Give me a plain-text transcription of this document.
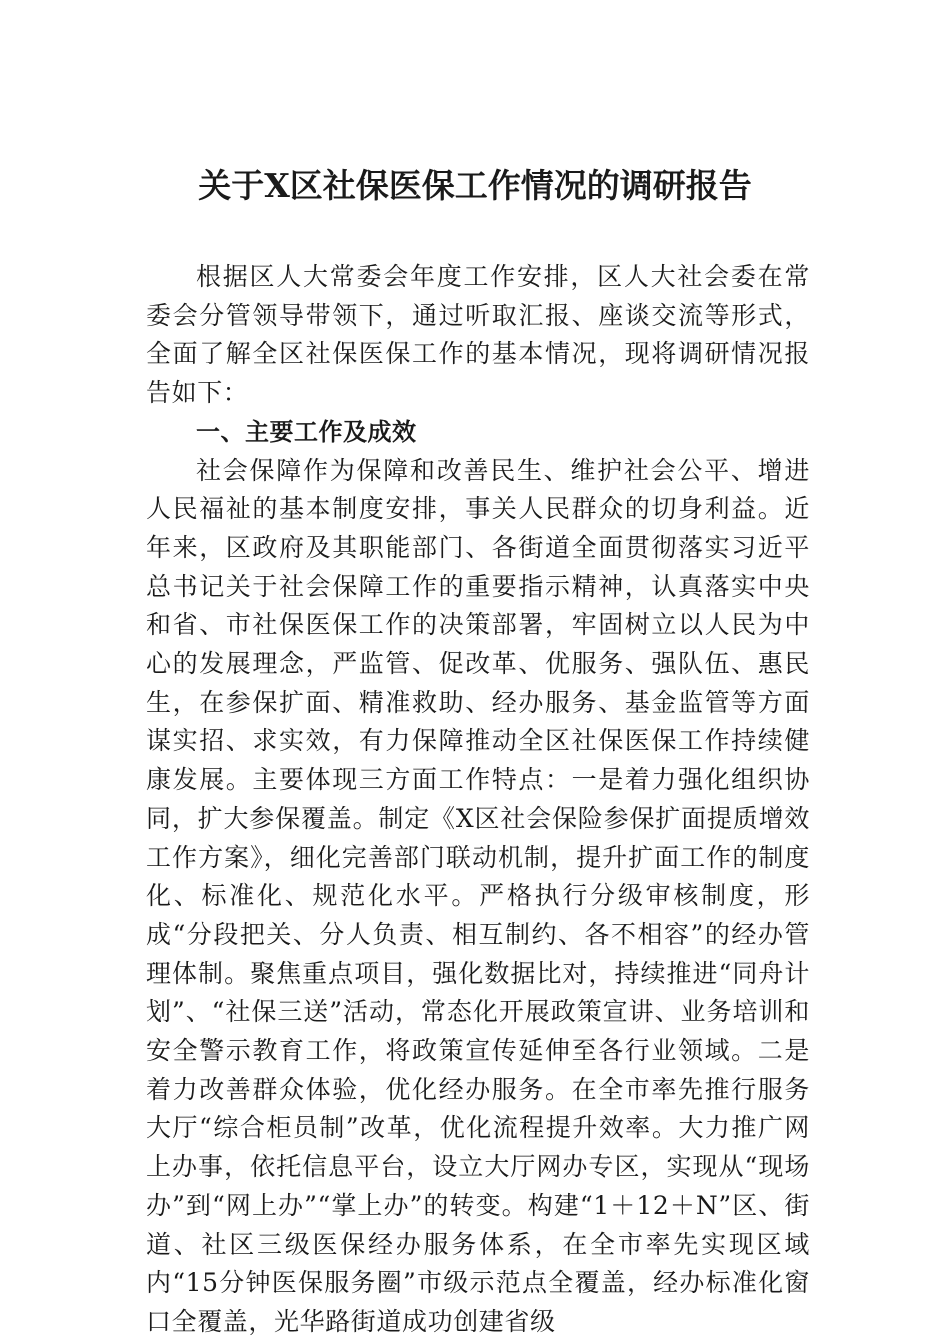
关于X区社保医保工作情况的调研报告

根据区人大常委会年度工作安排，区人大社会委在常委会分管领导带领下，通过听取汇报、座谈交流等形式，全面了解全区社保医保工作的基本情况，现将调研情况报告如下：

一、主要工作及成效

社会保障作为保障和改善民生、维护社会公平、增进人民福祉的基本制度安排，事关人民群众的切身利益。近年来，区政府及其职能部门、各街道全面贯彻落实习近平总书记关于社会保障工作的重要指示精神，认真落实中央和省、市社保医保工作的决策部署，牢固树立以人民为中心的发展理念，严监管、促改革、优服务、强队伍、惠民生，在参保扩面、精准救助、经办服务、基金监管等方面谋实招、求实效，有力保障推动全区社保医保工作持续健康发展。主要体现三方面工作特点：一是着力强化组织协同，扩大参保覆盖。制定《X区社会保险参保扩面提质增效工作方案》，细化完善部门联动机制，提升扩面工作的制度化、标准化、规范化水平。严格执行分级审核制度，形成“分段把关、分人负责、相互制约、各不相容”的经办管理体制。聚焦重点项目，强化数据比对，持续推进“同舟计划”、“社保三送”活动，常态化开展政策宣讲、业务培训和安全警示教育工作，将政策宣传延伸至各行业领域。二是着力改善群众体验，优化经办服务。在全市率先推行服务大厅“综合柜员制”改革，优化流程提升效率。大力推广网上办事，依托信息平台，设立大厅网办专区，实现从“现场办”到“网上办”“掌上办”的转变。构建“1＋12＋N”区、街道、社区三级医保经办服务体系，在全市率先实现区域内“15分钟医保服务圈”市级示范点全覆盖，经办标准化窗口全覆盖，光华路街道成功创建省级
